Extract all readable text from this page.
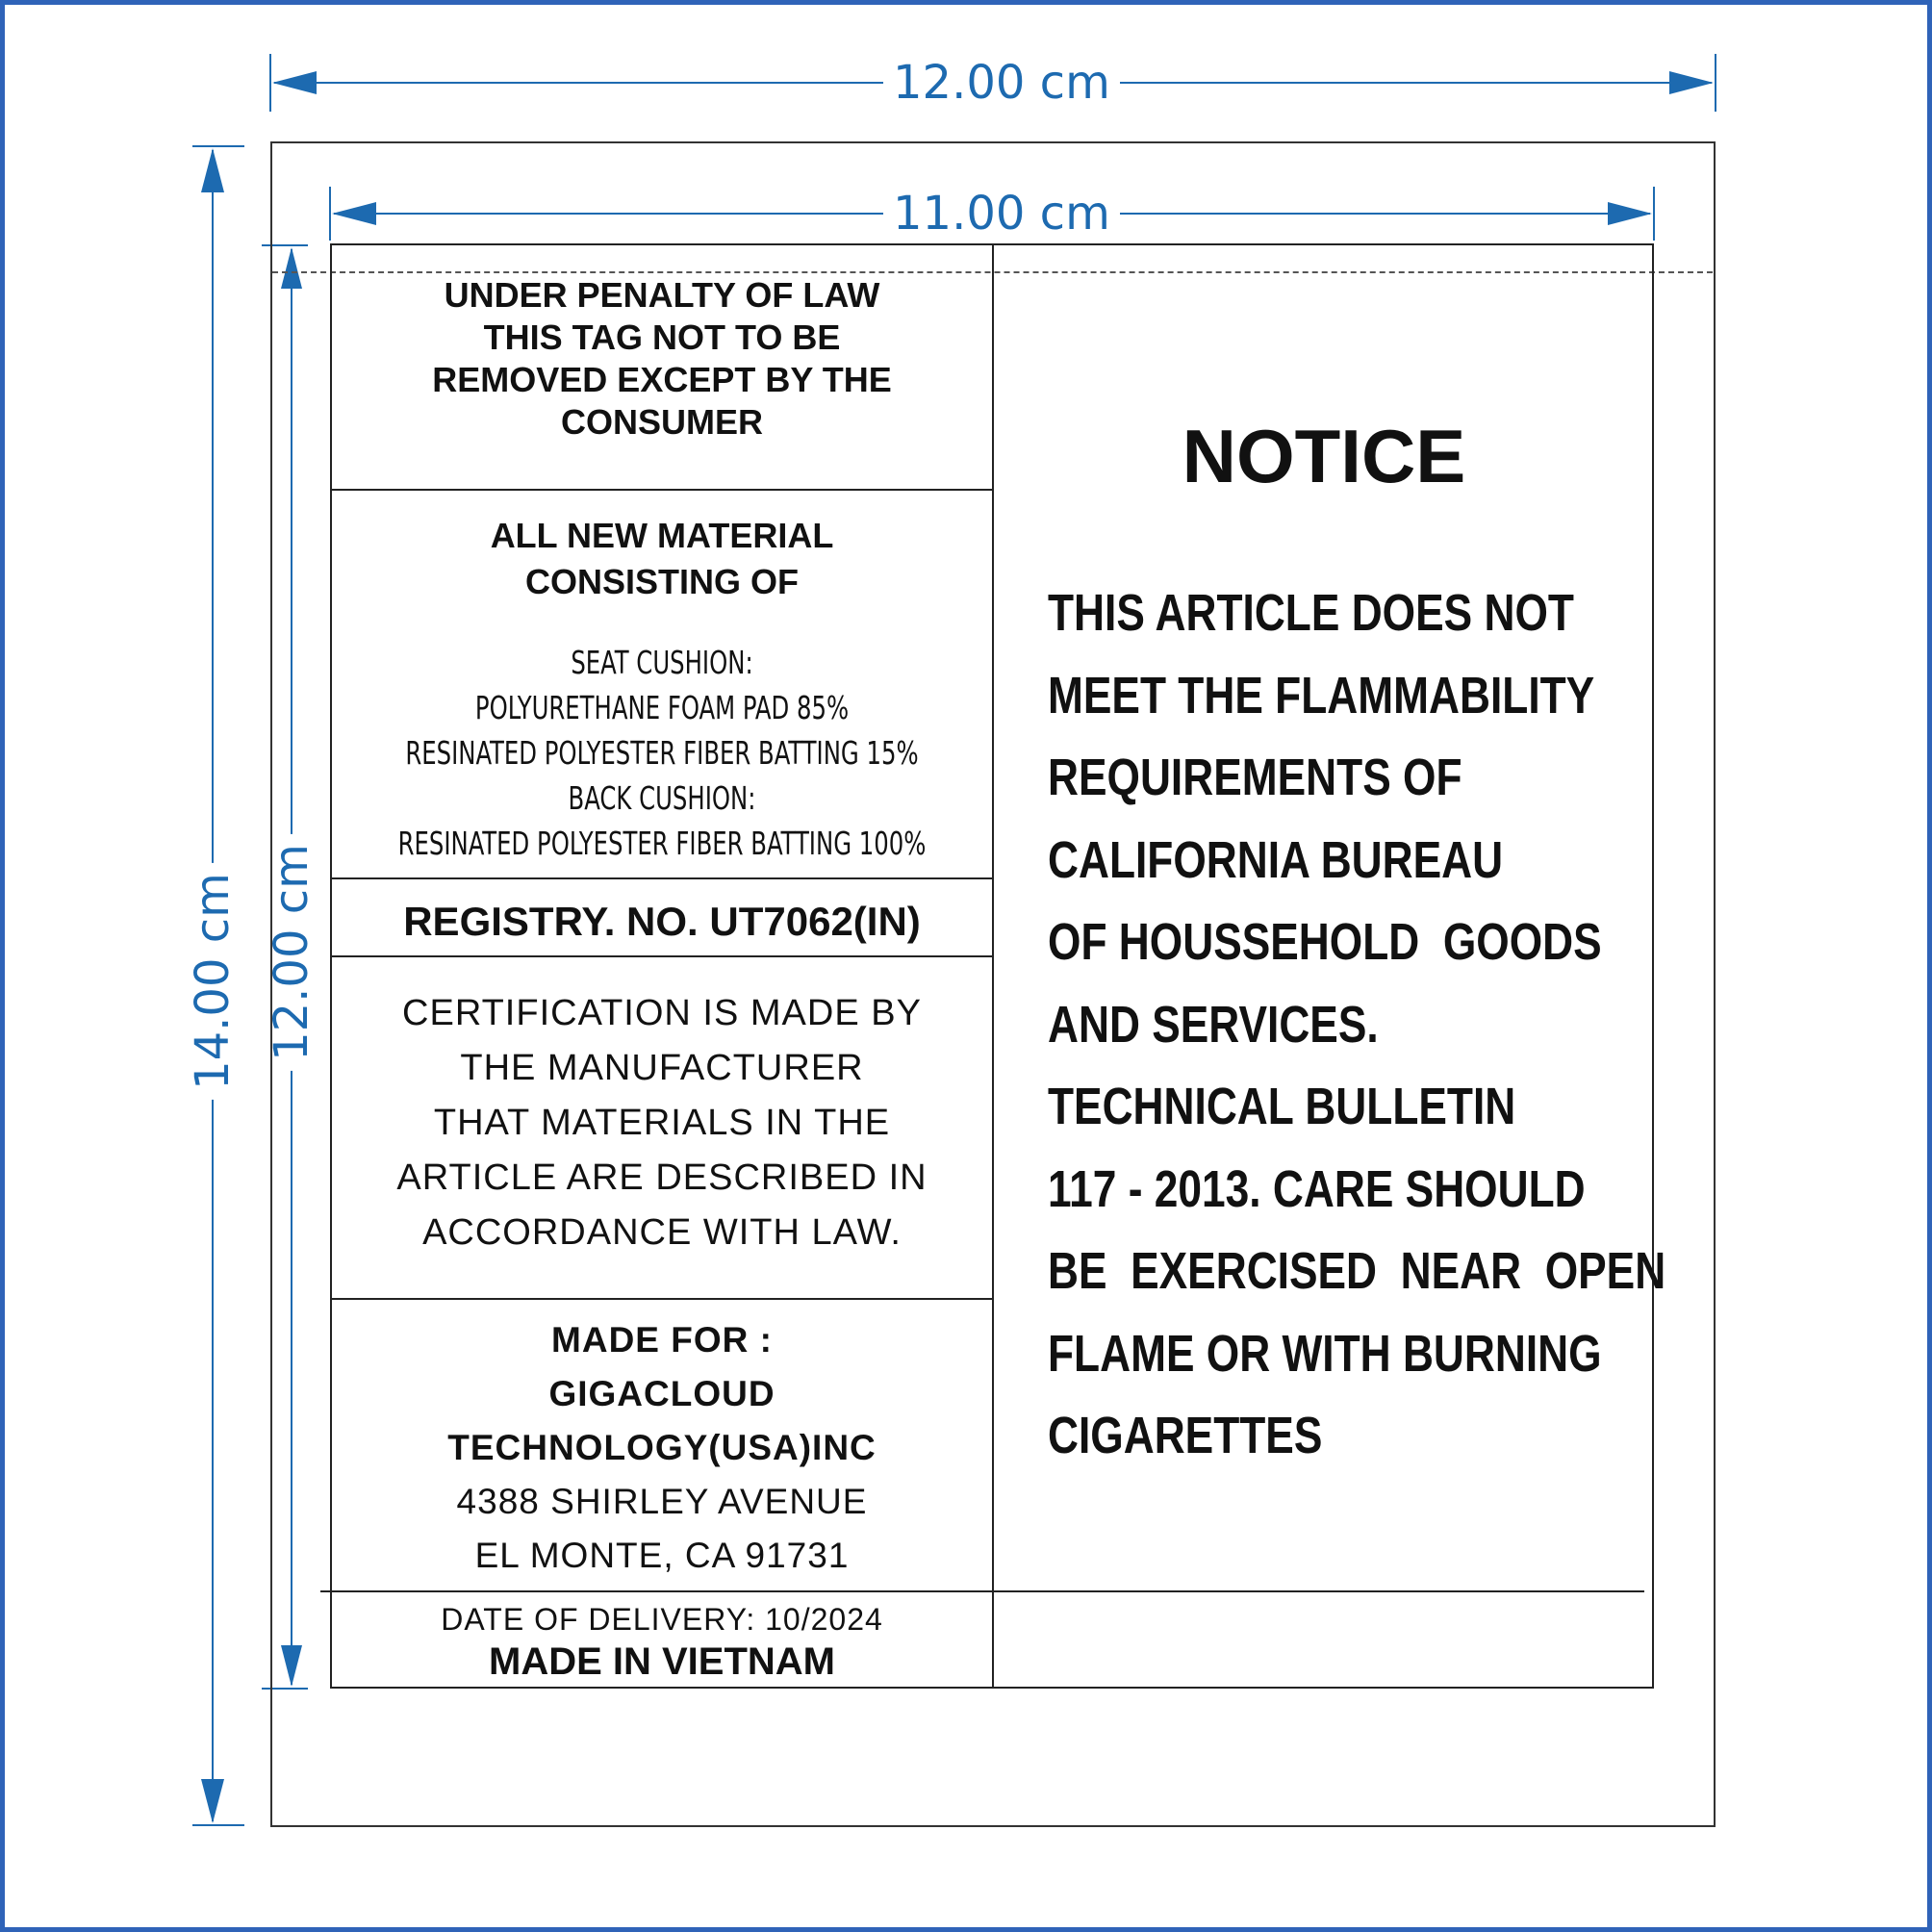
12.00 cm
11.00 cm
14.00 cm 12.00 cm
UNDER PENALTY OF LAW
THIS TAG NOT TO BE
REMOVED EXCEPT BY THE
CONSUMER
ALL NEW MATERIAL
CONSISTING OF
SEAT CUSHION:
POLYURETHANE FOAM PAD 85%
RESINATED POLYESTER FIBER BATTING 15%
BACK CUSHION:
RESINATED POLYESTER FIBER BATTING 100%
REGISTRY. NO. UT7062(IN)
CERTIFICATION IS MADE BY
THE MANUFACTURER
THAT MATERIALS IN THE
ARTICLE ARE DESCRIBED IN
ACCORDANCE WITH LAW.
MADE FOR :
GIGACLOUD
TECHNOLOGY(USA)INC
4388 SHIRLEY AVENUE
EL MONTE, CA 91731
DATE OF DELIVERY: 10/2024
MADE IN VIETNAM
NOTICE
THIS ARTICLE DOES NOT
MEET THE FLAMMABILITY
REQUIREMENTS OF
CALIFORNIA BUREAU
OF HOUSSEHOLD  GOODS
AND SERVICES.
TECHNICAL BULLETIN
117 - 2013. CARE SHOULD
BE  EXERCISED  NEAR  OPEN
FLAME OR WITH BURNING
CIGARETTES
